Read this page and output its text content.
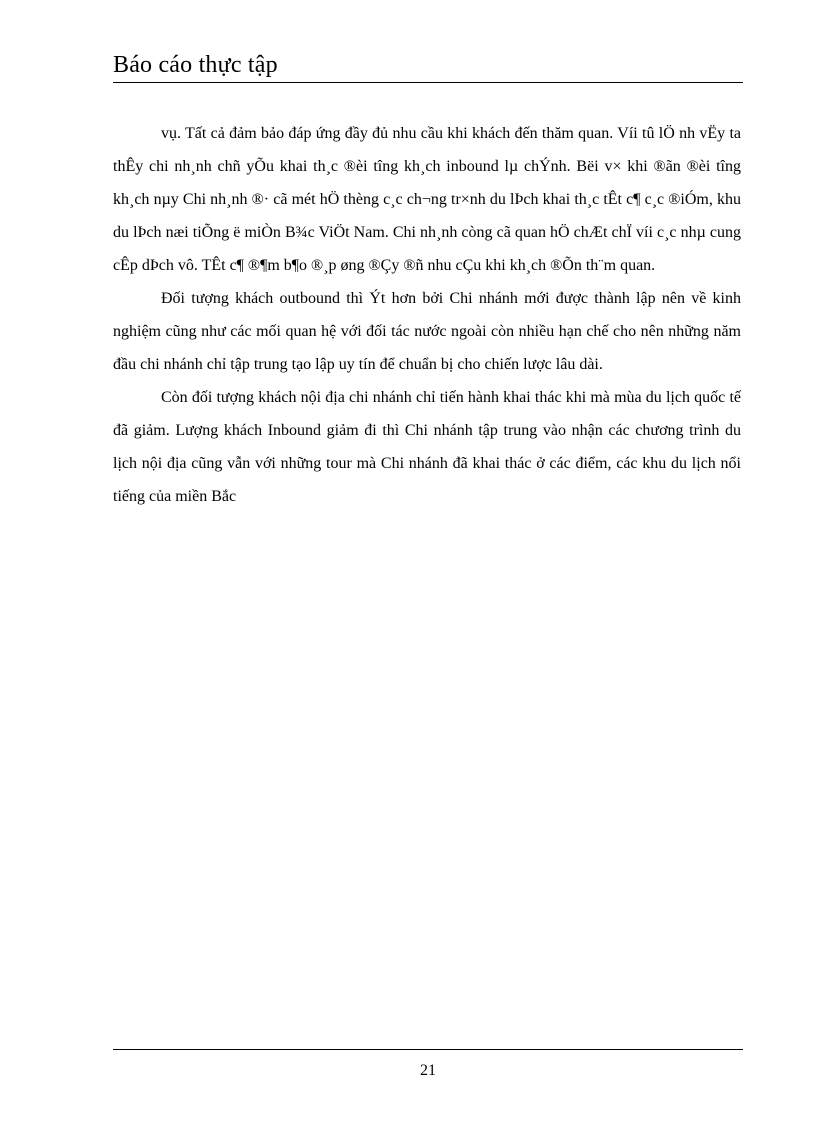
Báo cáo thực tập

vụ. Tất cả đảm bảo đáp ứng đầy đủ nhu cầu khi khách đến thăm quan. Víi tû lÖ nh vËy ta thÊy chi nh¸nh chñ yÕu khai th¸c ®èi tîng kh¸ch inbound lµ chÝnh. Bëi v× khi ®ãn ®èi tîng kh¸ch nµy Chi nh¸nh ®· cã mét hÖ thèng c¸c ch¬ng tr×nh du lÞch khai th¸c tÊt c¶ c¸c ®iÓm, khu du lÞch næi tiÕng ë miÒn B¾c ViÖt Nam. Chi nh¸nh còng cã quan hÖ chÆt chÏ víi c¸c nhµ cung cÊp dÞch vô. TÊt c¶ ®¶m b¶o ®¸p øng ®Çy ®ñ nhu cÇu khi kh¸ch ®Õn th¨m quan.

Đối tượng khách outbound thì Ýt hơn bởi Chi nhánh mới được thành lập nên về kinh nghiệm cũng như các mối quan hệ với đối tác nước ngoài còn nhiều hạn chế cho nên những năm đầu chi nhánh chỉ tập trung tạo lập uy tín để chuẩn bị cho chiến lược lâu dài.

Còn đối tượng khách nội địa chi nhánh chỉ tiến hành khai thác khi mà mùa du lịch quốc tế đã giảm. Lượng khách Inbound giảm đi thì Chi nhánh tập trung vào nhận các chương trình du lịch nội địa cũng vẫn với những tour mà Chi nhánh đã khai thác ở các điểm, các khu du lịch nổi tiếng của miền Bắc

21
